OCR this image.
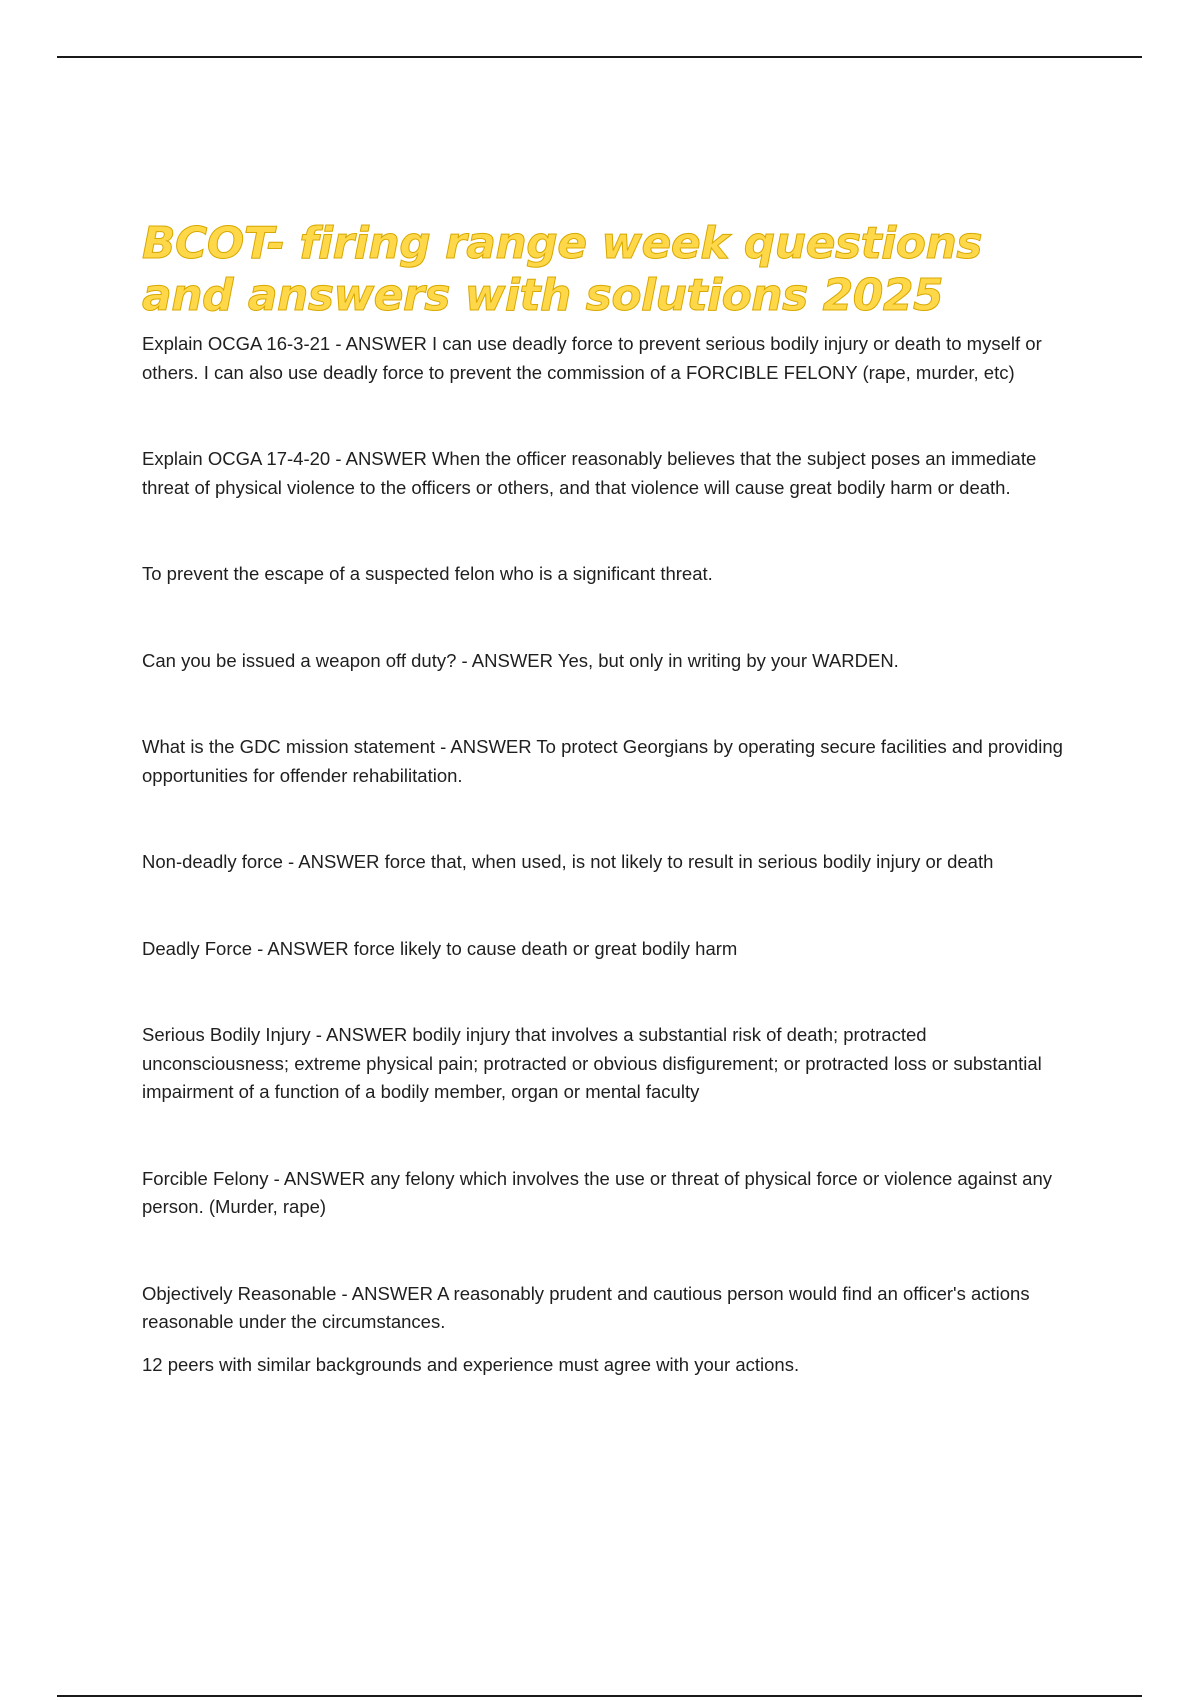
BCOT- firing range week questions and answers with solutions 2025

Explain OCGA 16-3-21 - ANSWER I can use deadly force to prevent serious bodily injury or death to myself or others. I can also use deadly force to prevent the commission of a FORCIBLE FELONY (rape, murder, etc)

Explain OCGA 17-4-20 - ANSWER When the officer reasonably believes that the subject poses an immediate threat of physical violence to the officers or others, and that violence will cause great bodily harm or death.

To prevent the escape of a suspected felon who is a significant threat.

Can you be issued a weapon off duty? - ANSWER Yes, but only in writing by your WARDEN.

What is the GDC mission statement - ANSWER To protect Georgians by operating secure facilities and providing opportunities for offender rehabilitation.

Non-deadly force - ANSWER force that, when used, is not likely to result in serious bodily injury or death

Deadly Force - ANSWER force likely to cause death or great bodily harm

Serious Bodily Injury - ANSWER bodily injury that involves a substantial risk of death; protracted unconsciousness; extreme physical pain; protracted or obvious disfigurement; or protracted loss or substantial impairment of a function of a bodily member, organ or mental faculty

Forcible Felony - ANSWER any felony which involves the use or threat of physical force or violence against any person. (Murder, rape)

Objectively Reasonable - ANSWER A reasonably prudent and cautious person would find an officer's actions reasonable under the circumstances.

12 peers with similar backgrounds and experience must agree with your actions.
